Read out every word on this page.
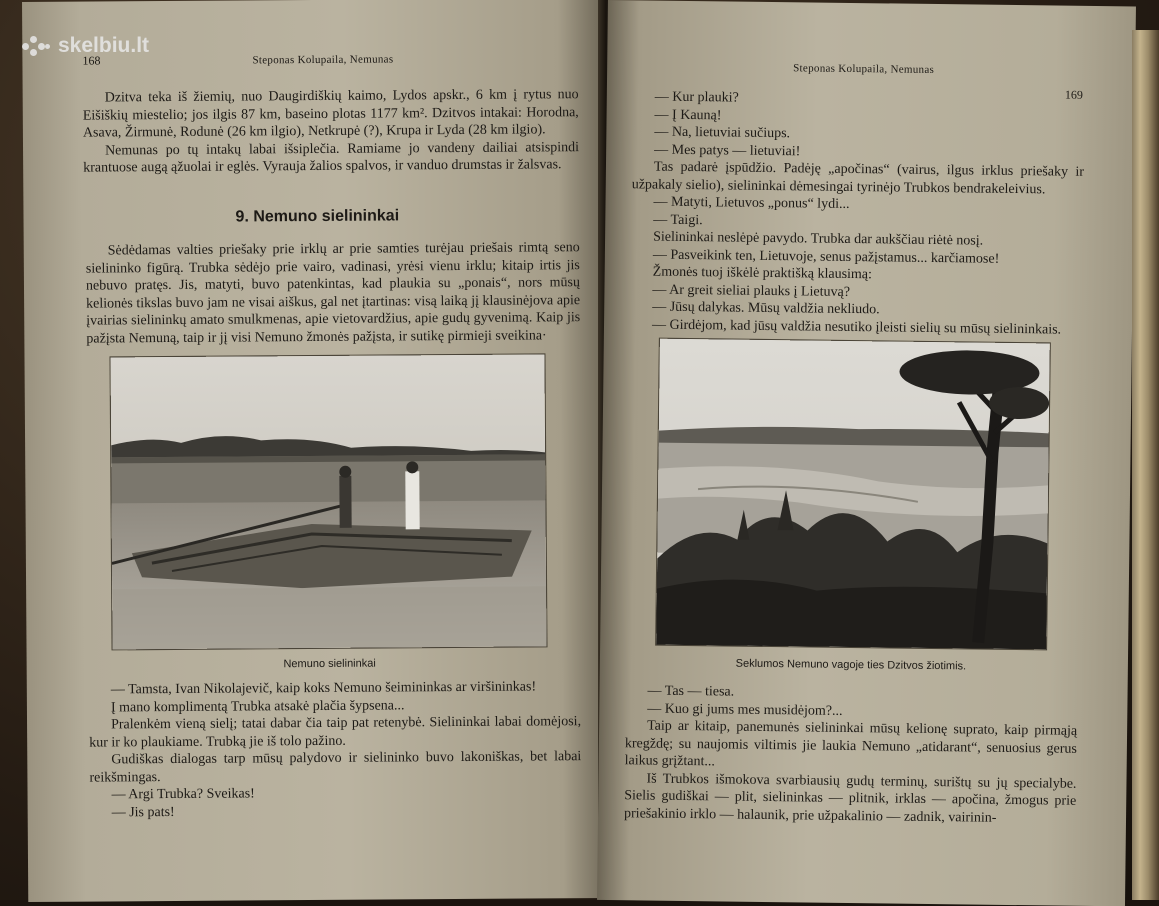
skelbiu.lt
168	Steponas Kolupaila, Nemunas

Dzitva teka iš žiemių, nuo Daugirdiškių kaimo, Lydos apskr., 6 km į rytus nuo Eišiškių miestelio; jos ilgis 87 km, baseino plotas 1177 km². Dzitvos intakai: Horodna, Asava, Žirmunė, Rodunė (26 km ilgio), Netkrupė (?), Krupa ir Lyda (28 km ilgio).

Nemunas po tų intakų labai išsiplečia. Ramiame jo vandeny dailiai atsispindi krantuose augą ąžuolai ir eglės. Vyrauja žalios spalvos, ir vanduo drumstas ir žalsvas.

9. Nemuno sielininkai

Sėdėdamas valties priešaky prie irklų ar prie samties turėjau priešais rimtą seno sielininko figūrą. Trubka sėdėjo prie vairo, vadinasi, yrėsi vienu irklu; kitaip irtis jis nebuvo pratęs. Jis, matyti, buvo patenkintas, kad plaukia su „ponais“, nors mūsų kelionės tikslas buvo jam ne visai aiškus, gal net įtartinas: visą laiką jį klausinėjova apie įvairias sielininkų amato smulkmenas, apie vietovardžius, apie gudų gyvenimą. Kaip jis pažįsta Nemuną, taip ir jį visi Nemuno žmonės pažįsta, ir sutikę pirmieji sveikina·

Nemuno sielininkai

— Tamsta, Ivan Nikolajevič, kaip koks Nemuno šeimininkas ar viršininkas!

Į mano komplimentą Trubka atsakė plačia šypsena...

Pralenkėm vieną sielį; tatai dabar čia taip pat retenybė. Sielininkai labai domėjosi, kur ir ko plaukiame. Trubką jie iš tolo pažino.

Gudiškas dialogas tarp mūsų palydovo ir sielininko buvo lakoniškas, bet labai reikšmingas.

— Argi Trubka? Sveikas!

— Jis pats!

Steponas Kolupaila, Nemunas
169

— Kur plauki?

— Į Kauną!

— Na, lietuviai sučiups.

— Mes patys — lietuviai!

Tas padarė įspūdžio. Padėję „apočinas“ (vairus, ilgus irklus priešaky ir užpakaly sielio), sielininkai dėmesingai tyrinėjo Trubkos bendrakeleivius.

— Matyti, Lietuvos „ponus“ lydi...

— Taigi.

Sielininkai neslėpė pavydo. Trubka dar aukščiau riėtė nosį.

— Pasveikink ten, Lietuvoje, senus pažįstamus... karčiamose!

Žmonės tuoj iškėlė praktišką klausimą:

— Ar greit sieliai plauks į Lietuvą?

— Jūsų dalykas. Mūsų valdžia nekliudo.

— Girdėjom, kad jūsų valdžia nesutiko įleisti sielių su mūsų sielininkais.

Seklumos Nemuno vagoje ties Dzitvos žiotimis.

— Tas — tiesa.

— Kuo gi jums mes musidėjom?...

Taip ar kitaip, panemunės sielininkai mūsų kelionę suprato, kaip pirmąją kregždę; su naujomis viltimis jie laukia Nemuno „atidarant“, senuosius gerus laikus grįžtant...

Iš Trubkos išmokova svarbiausių gudų terminų, surištų su jų specialybe. Sielis gudiškai — plit, sielininkas — plitnik, irklas — apočina, žmogus prie priešakinio irklo — halaunik, prie užpakalinio — zadnik, vairinin-
